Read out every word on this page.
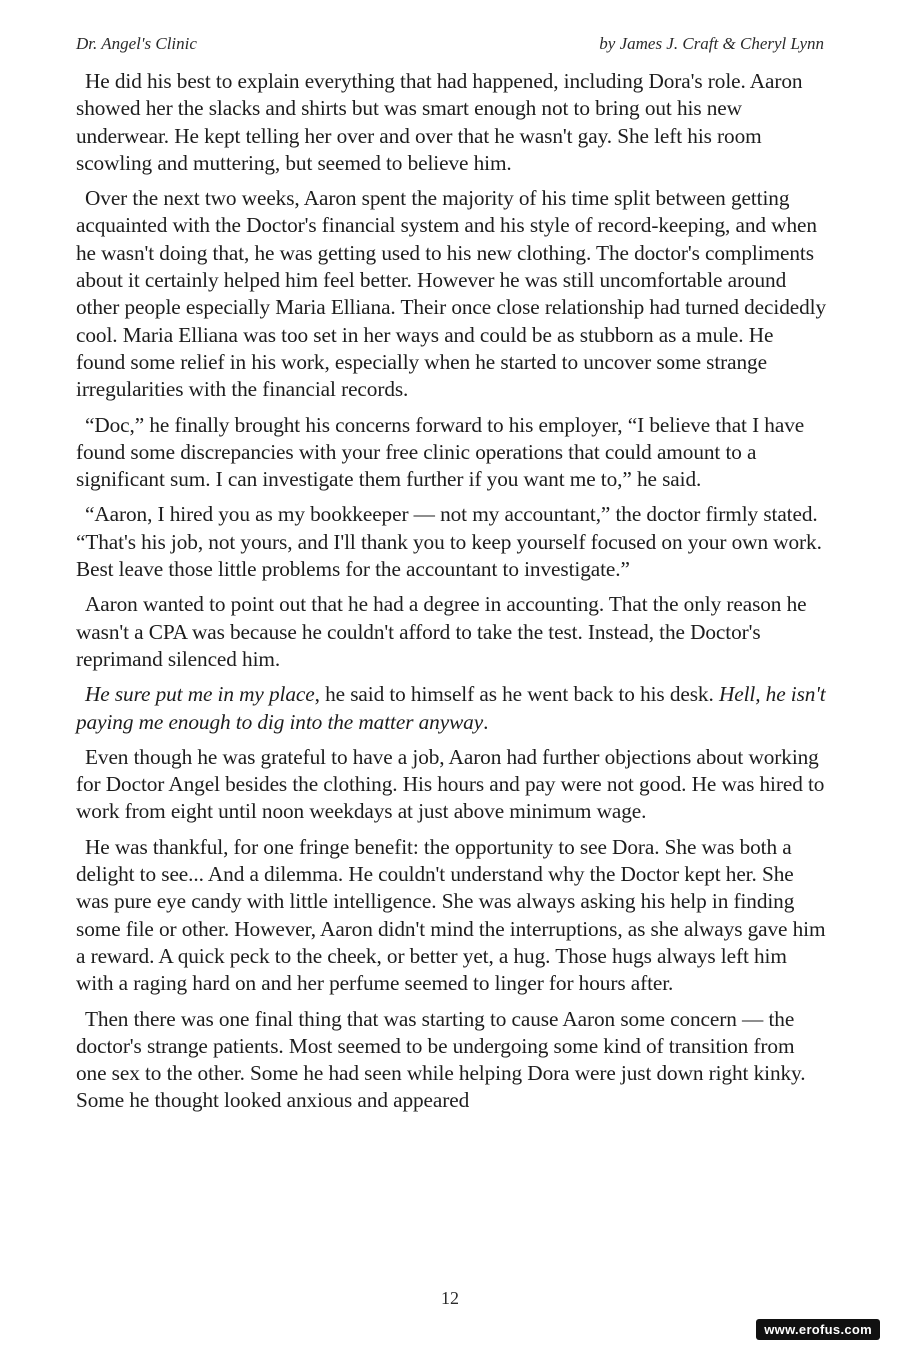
Dr. Angel's Clinic	by James J. Craft & Cheryl Lynn

He did his best to explain everything that had happened, including Dora's role. Aaron showed her the slacks and shirts but was smart enough not to bring out his new underwear. He kept telling her over and over that he wasn't gay. She left his room scowling and muttering, but seemed to believe him.

Over the next two weeks, Aaron spent the majority of his time split between getting acquainted with the Doctor's financial system and his style of record-keeping, and when he wasn't doing that, he was getting used to his new clothing. The doctor's compliments about it certainly helped him feel better. However he was still uncomfortable around other people especially Maria Elliana. Their once close relationship had turned decidedly cool. Maria Elliana was too set in her ways and could be as stubborn as a mule. He found some relief in his work, especially when he started to uncover some strange irregularities with the financial records.

“Doc,” he finally brought his concerns forward to his employer, “I believe that I have found some discrepancies with your free clinic operations that could amount to a significant sum. I can investigate them further if you want me to,” he said.

“Aaron, I hired you as my bookkeeper — not my accountant,” the doctor firmly stated. “That's his job, not yours, and I'll thank you to keep yourself focused on your own work. Best leave those little problems for the accountant to investigate.”

Aaron wanted to point out that he had a degree in accounting. That the only reason he wasn't a CPA was because he couldn't afford to take the test. Instead, the Doctor's reprimand silenced him.

He sure put me in my place, he said to himself as he went back to his desk. Hell, he isn't paying me enough to dig into the matter anyway.

Even though he was grateful to have a job, Aaron had further objections about working for Doctor Angel besides the clothing. His hours and pay were not good. He was hired to work from eight until noon weekdays at just above minimum wage.

He was thankful, for one fringe benefit: the opportunity to see Dora. She was both a delight to see... And a dilemma. He couldn't understand why the Doctor kept her. She was pure eye candy with little intelligence. She was always asking his help in finding some file or other. However, Aaron didn't mind the interruptions, as she always gave him a reward. A quick peck to the cheek, or better yet, a hug. Those hugs always left him with a raging hard on and her perfume seemed to linger for hours after.

Then there was one final thing that was starting to cause Aaron some concern — the doctor's strange patients. Most seemed to be undergoing some kind of transition from one sex to the other. Some he had seen while helping Dora were just down right kinky. Some he thought looked anxious and appeared

12
www.erofus.com
